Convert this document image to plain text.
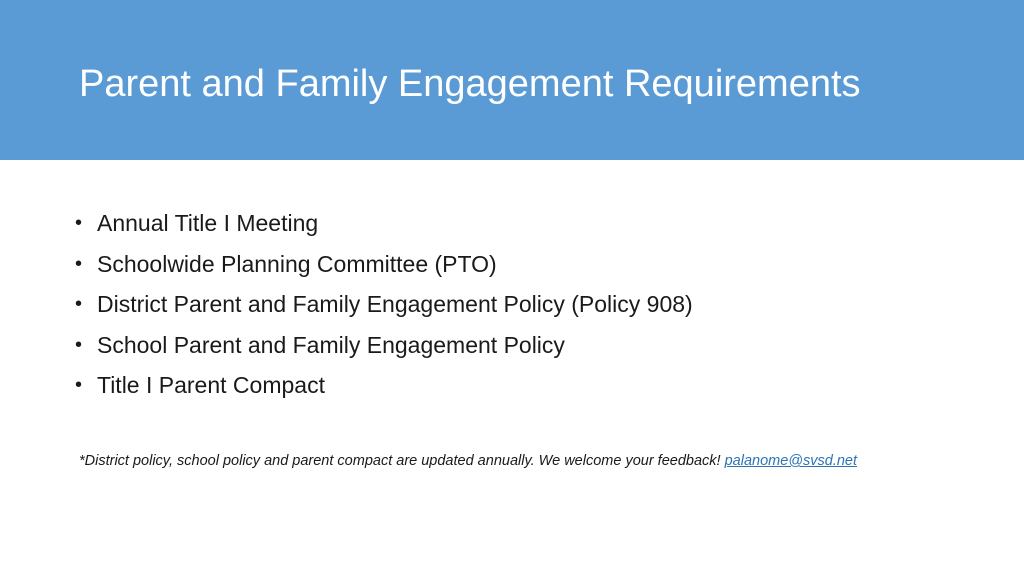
Parent and Family Engagement Requirements
• Annual Title I Meeting
• Schoolwide Planning Committee (PTO)
• District Parent and Family Engagement Policy (Policy 908)
• School Parent and Family Engagement Policy
• Title I Parent Compact

*District policy, school policy and parent compact are updated annually. We welcome your feedback! palanome@svsd.net
